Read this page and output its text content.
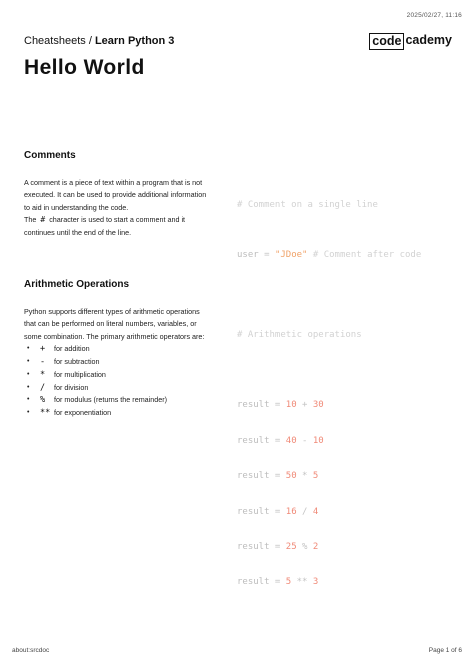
2025/02/27, 11:16
Cheatsheets / Learn Python 3	code cademy
Hello World
Comments

A comment is a piece of text within a program that is not executed. It can be used to provide additional information to aid in understanding the code.

The # character is used to start a comment and it continues until the end of the line.

# Comment on a single line

user = "JDoe" # Comment after code

Arithmetic Operations

Python supports different types of arithmetic operations that can be performed on literal numbers, variables, or some combination. The primary arithmetic operators are:

• + for addition
• - for subtraction
• * for multiplication
• / for division
• % for modulus (returns the remainder)
• ** for exponentiation

# Arithmetic operations

result = 10 + 30

result = 40 - 10

result = 50 * 5

result = 16 / 4

result = 25 % 2

result = 5 ** 3

about:srcdoc	Page 1 of 6
